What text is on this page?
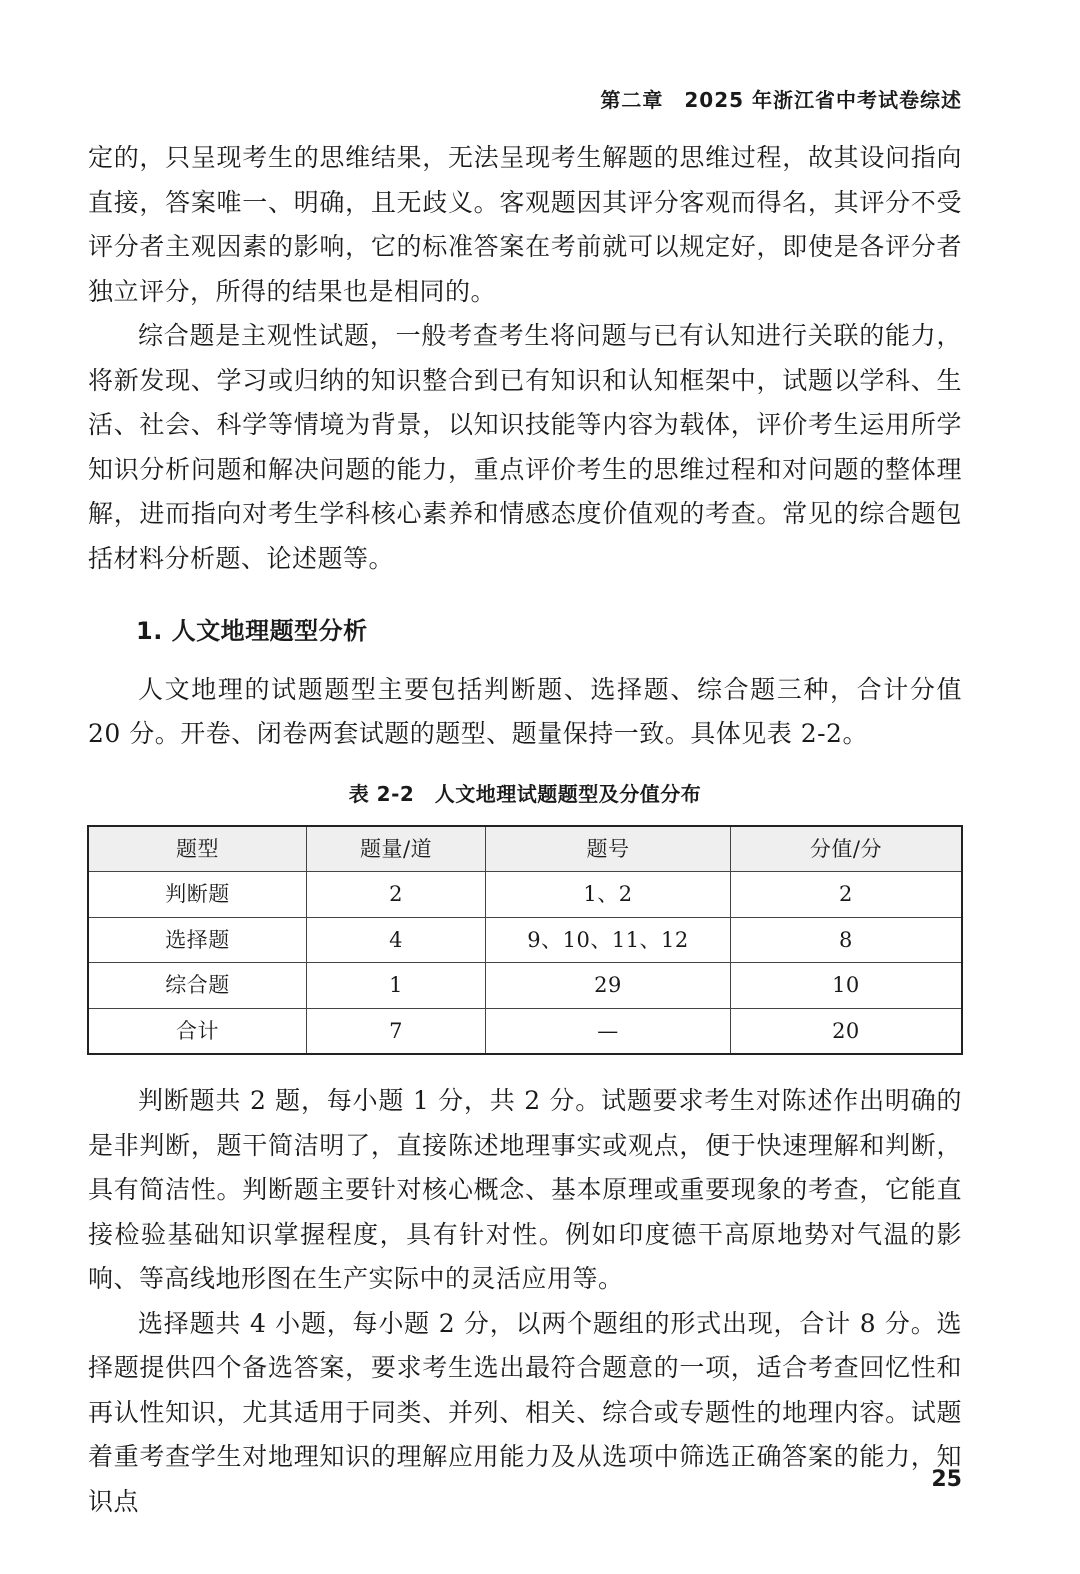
第二章　2025 年浙江省中考试卷综述

定的，只呈现考生的思维结果，无法呈现考生解题的思维过程，故其设问指向直接，答案唯一、明确，且无歧义。客观题因其评分客观而得名，其评分不受评分者主观因素的影响，它的标准答案在考前就可以规定好，即使是各评分者独立评分，所得的结果也是相同的。

综合题是主观性试题，一般考查考生将问题与已有认知进行关联的能力，将新发现、学习或归纳的知识整合到已有知识和认知框架中，试题以学科、生活、社会、科学等情境为背景，以知识技能等内容为载体，评价考生运用所学知识分析问题和解决问题的能力，重点评价考生的思维过程和对问题的整体理解，进而指向对考生学科核心素养和情感态度价值观的考查。常见的综合题包括材料分析题、论述题等。

1. 人文地理题型分析

人文地理的试题题型主要包括判断题、选择题、综合题三种，合计分值 20 分。开卷、闭卷两套试题的题型、题量保持一致。具体见表 2-2。

表 2-2　人文地理试题题型及分值分布
题型	题量/道	题号	分值/分
判断题	2	1、2	2
选择题	4	9、10、11、12	8
综合题	1	29	10
合计	7	—	20

判断题共 2 题，每小题 1 分，共 2 分。试题要求考生对陈述作出明确的是非判断，题干简洁明了，直接陈述地理事实或观点，便于快速理解和判断，具有简洁性。判断题主要针对核心概念、基本原理或重要现象的考查，它能直接检验基础知识掌握程度，具有针对性。例如印度德干高原地势对气温的影响、等高线地形图在生产实际中的灵活应用等。

选择题共 4 小题，每小题 2 分，以两个题组的形式出现，合计 8 分。选择题提供四个备选答案，要求考生选出最符合题意的一项，适合考查回忆性和再认性知识，尤其适用于同类、并列、相关、综合或专题性的地理内容。试题着重考查学生对地理知识的理解应用能力及从选项中筛选正确答案的能力，知识点

25
